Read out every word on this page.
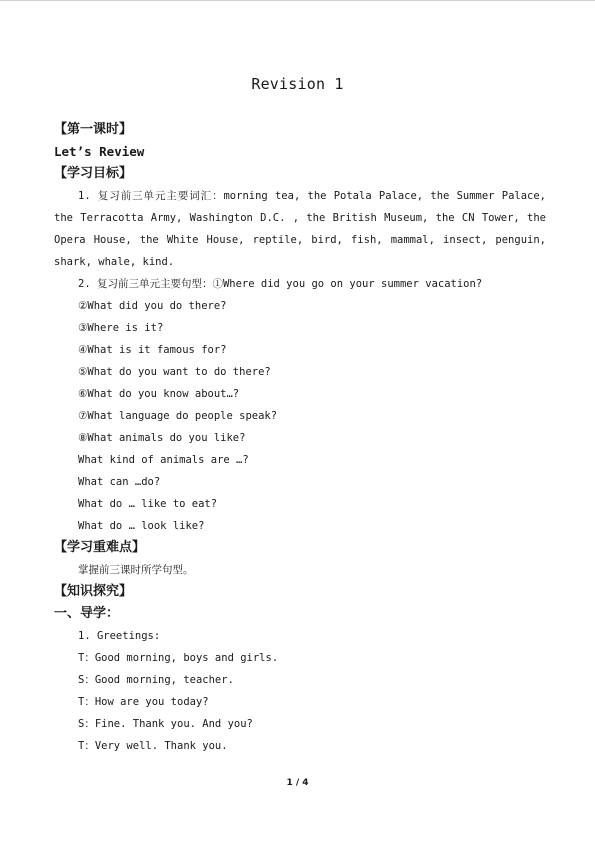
Revision 1
【第一课时】
Let’s Review
【学习目标】
1. 复习前三单元主要词汇：morning tea, the Potala Palace, the Summer Palace, the Terracotta Army, Washington D.C. , the British Museum, the CN Tower, the Opera House, the White House, reptile, bird, fish, mammal, insect, penguin, shark, whale, kind.
2. 复习前三单元主要句型：①Where did you go on your summer vacation?
②What did you do there?
③Where is it?
④What is it famous for?
⑤What do you want to do there?
⑥What do you know about…?
⑦What language do people speak?
⑧What animals do you like?
What kind of animals are …?
What can …do?
What do … like to eat?
What do … look like?
【学习重难点】
掌握前三课时所学句型。
【知识探究】
一、导学：
1. Greetings:
T：Good morning, boys and girls.
S：Good morning, teacher.
T：How are you today?
S：Fine. Thank you. And you?
T：Very well. Thank you.
1 / 4
